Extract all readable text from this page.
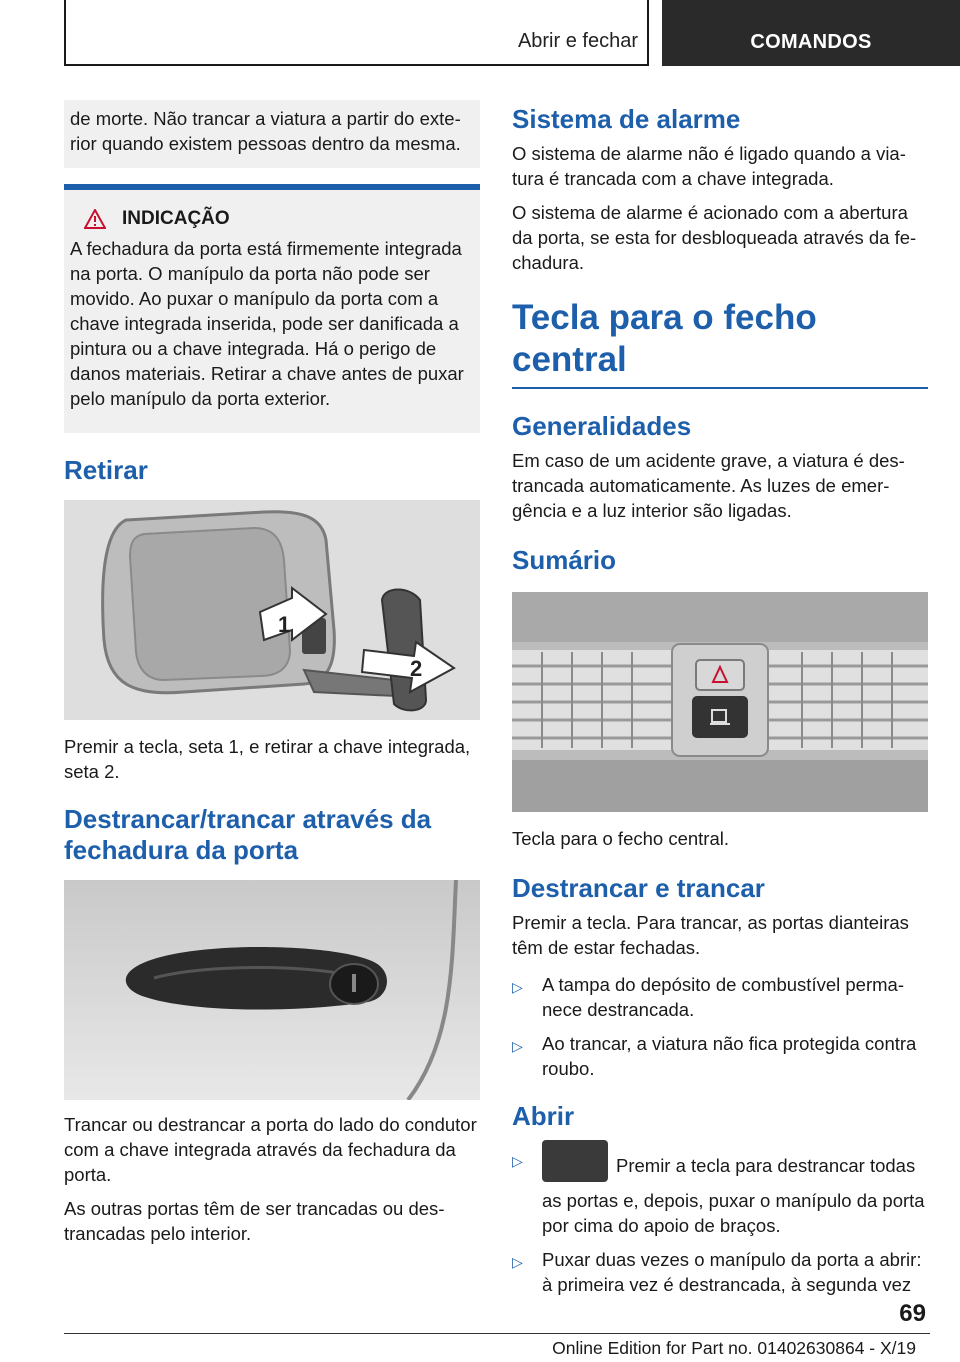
Abrir e fechar	COMANDOS

de morte. Não trancar a viatura a partir do exterior quando existem pessoas dentro da mesma.

INDICAÇÃO

A fechadura da porta está firmemente integrada na porta. O manípulo da porta não pode ser movido. Ao puxar o manípulo da porta com a chave integrada inserida, pode ser danificada a pintura ou a chave integrada. Há o perigo de danos materiais. Retirar a chave antes de puxar pelo manípulo da porta exterior.

Retirar
1
2

Premir a tecla, seta 1, e retirar a chave integrada, seta 2.

Destrancar/trancar através da fechadura da porta

Trancar ou destrancar a porta do lado do condutor com a chave integrada através da fechadura da porta.

As outras portas têm de ser trancadas ou destrancadas pelo interior.

Sistema de alarme

O sistema de alarme não é ligado quando a viatura é trancada com a chave integrada.

O sistema de alarme é acionado com a abertura da porta, se esta for desbloqueada através da fechadura.

Tecla para o fecho central
Generalidades

Em caso de um acidente grave, a viatura é destrancada automaticamente. As luzes de emergência e a luz interior são ligadas.

Sumário

Tecla para o fecho central.

Destrancar e trancar

Premir a tecla. Para trancar, as portas dianteiras têm de estar fechadas.

▷ A tampa do depósito de combustível permanece destrancada.
▷ Ao trancar, a viatura não fica protegida contra roubo.
Abrir
▷	Premir a tecla para destrancar todas as portas e, depois, puxar o manípulo da porta por cima do apoio de braços.
▷ Puxar duas vezes o manípulo da porta a abrir: à primeira vez é destrancada, à segunda vez
69
Online Edition for Part no. 01402630864 - X/19
